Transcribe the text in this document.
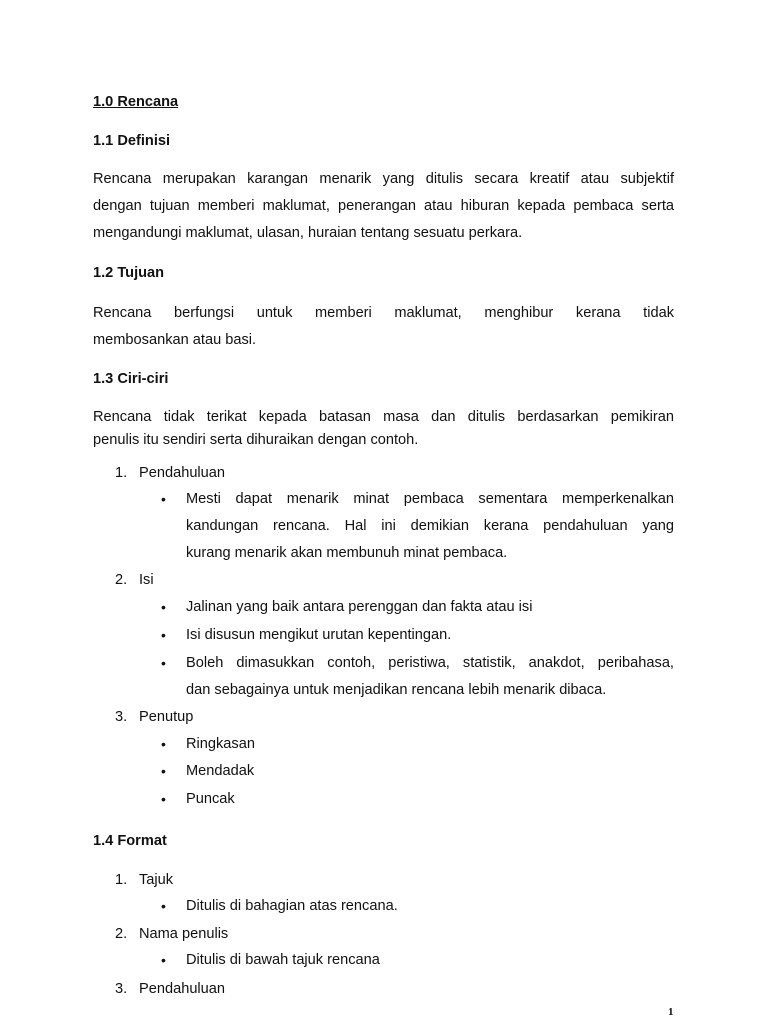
1.0 Rencana
1.1 Definisi
Rencana merupakan karangan menarik yang ditulis secara kreatif atau subjektif
dengan tujuan memberi maklumat, penerangan atau hiburan kepada pembaca serta
mengandungi maklumat, ulasan, huraian tentang sesuatu perkara.
1.2 Tujuan
Rencana berfungsi untuk memberi maklumat, menghibur kerana tidak
membosankan atau basi.
1.3 Ciri-ciri
Rencana tidak terikat kepada batasan masa dan ditulis berdasarkan pemikiran
penulis itu sendiri serta dihuraikan dengan contoh.
1. Pendahuluan
• Mesti dapat menarik minat pembaca sementara memperkenalkan
kandungan rencana. Hal ini demikian kerana pendahuluan yang
kurang menarik akan membunuh minat pembaca.
2. Isi
• Jalinan yang baik antara perenggan dan fakta atau isi
• Isi disusun mengikut urutan kepentingan.
• Boleh dimasukkan contoh, peristiwa, statistik, anakdot, peribahasa,
dan sebagainya untuk menjadikan rencana lebih menarik dibaca.
3. Penutup
• Ringkasan
• Mendadak
• Puncak
1.4 Format
1. Tajuk
• Ditulis di bahagian atas rencana.
2. Nama penulis
• Ditulis di bawah tajuk rencana
3. Pendahuluan
1
